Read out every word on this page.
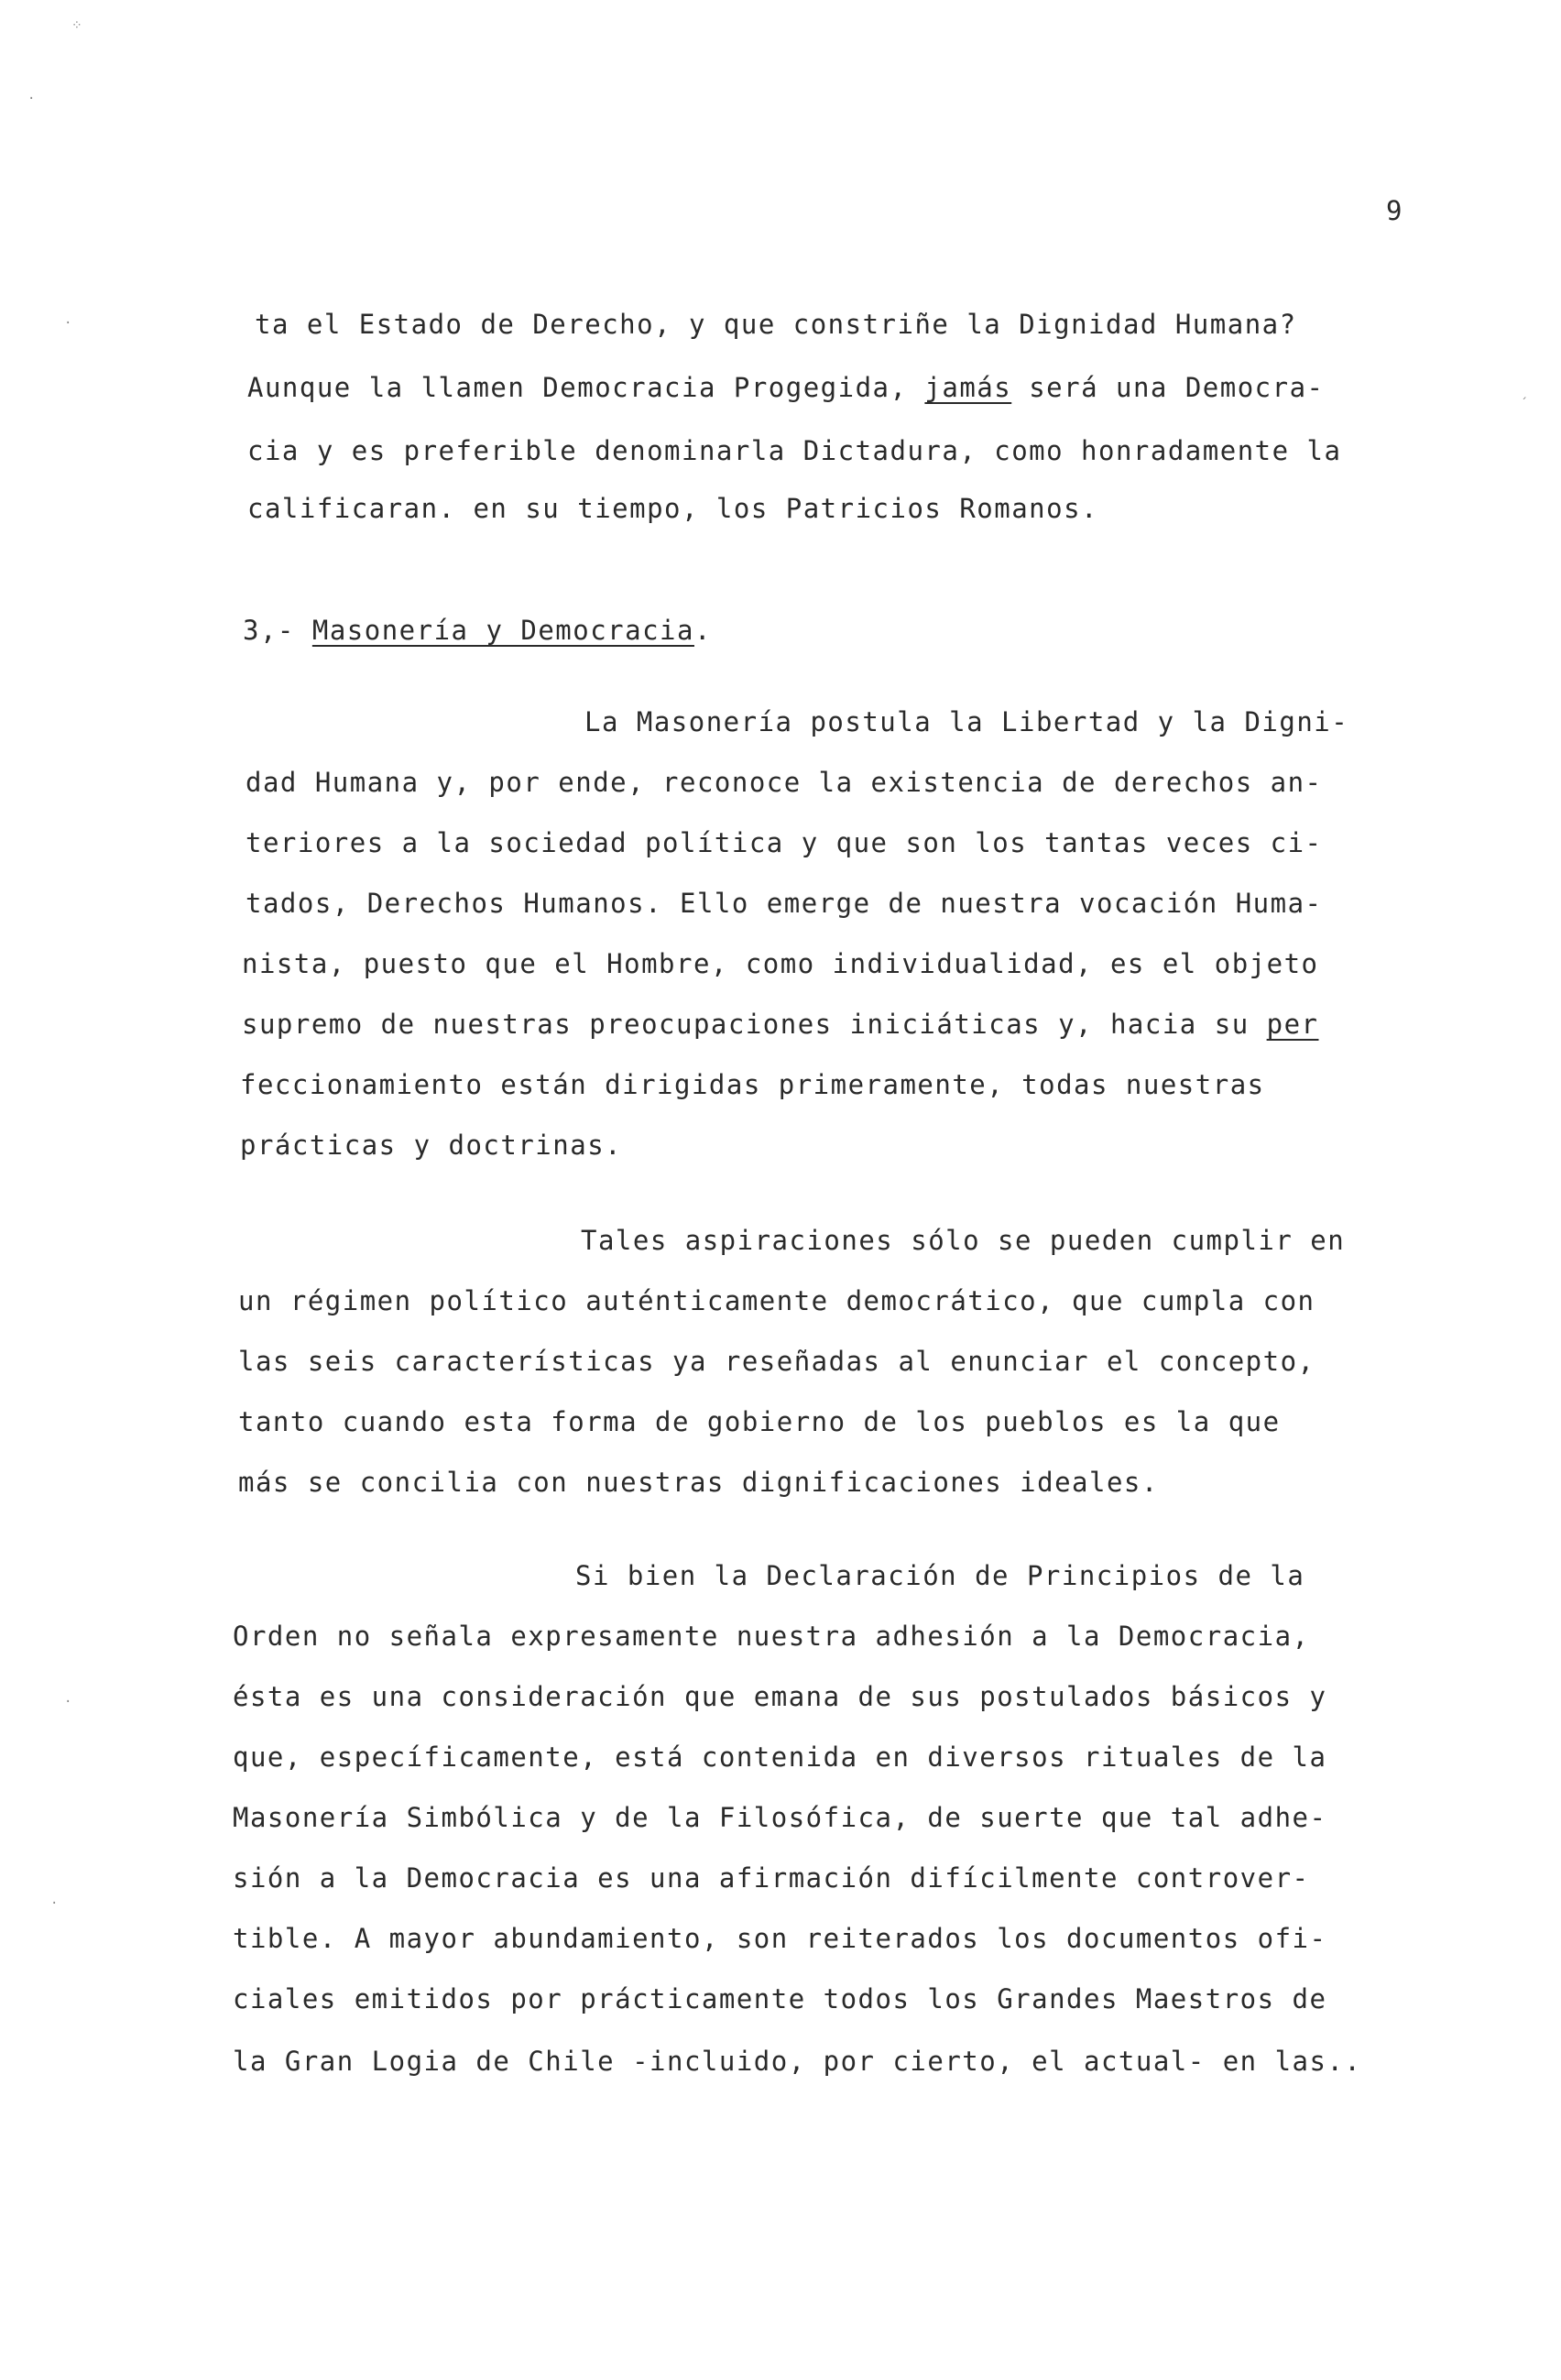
9
ta el Estado de Derecho, y que constriñe la Dignidad Humana?
Aunque la llamen Democracia Progegida, jamás será una Democra-
cia y es preferible denominarla Dictadura, como honradamente la
calificaran. en su tiempo, los Patricios Romanos.
3,- Masonería y Democracia.
La Masonería postula la Libertad y la Digni-
dad Humana y, por ende, reconoce la existencia de derechos an-
teriores a la sociedad política y que son los tantas veces ci-
tados, Derechos Humanos. Ello emerge de nuestra vocación Huma-
nista, puesto que el Hombre, como individualidad, es el objeto
supremo de nuestras preocupaciones iniciáticas y, hacia su per
feccionamiento están dirigidas primeramente, todas nuestras
prácticas y doctrinas.
Tales aspiraciones sólo se pueden cumplir en
un régimen político auténticamente democrático, que cumpla con
las seis características ya reseñadas al enunciar el concepto,
tanto cuando esta forma de gobierno de los pueblos es la que
más se concilia con nuestras dignificaciones ideales.
Si bien la Declaración de Principios de la
Orden no señala expresamente nuestra adhesión a la Democracia,
ésta es una consideración que emana de sus postulados básicos y
que, específicamente, está contenida en diversos rituales de la
Masonería Simbólica y de la Filosófica, de suerte que tal adhe-
sión a la Democracia es una afirmación difícilmente controver-
tible. A mayor abundamiento, son reiterados los documentos ofi-
ciales emitidos por prácticamente todos los Grandes Maestros de
la Gran Logia de Chile -incluido, por cierto, el actual- en las..
⁘
·
·
ˏ
·
·
